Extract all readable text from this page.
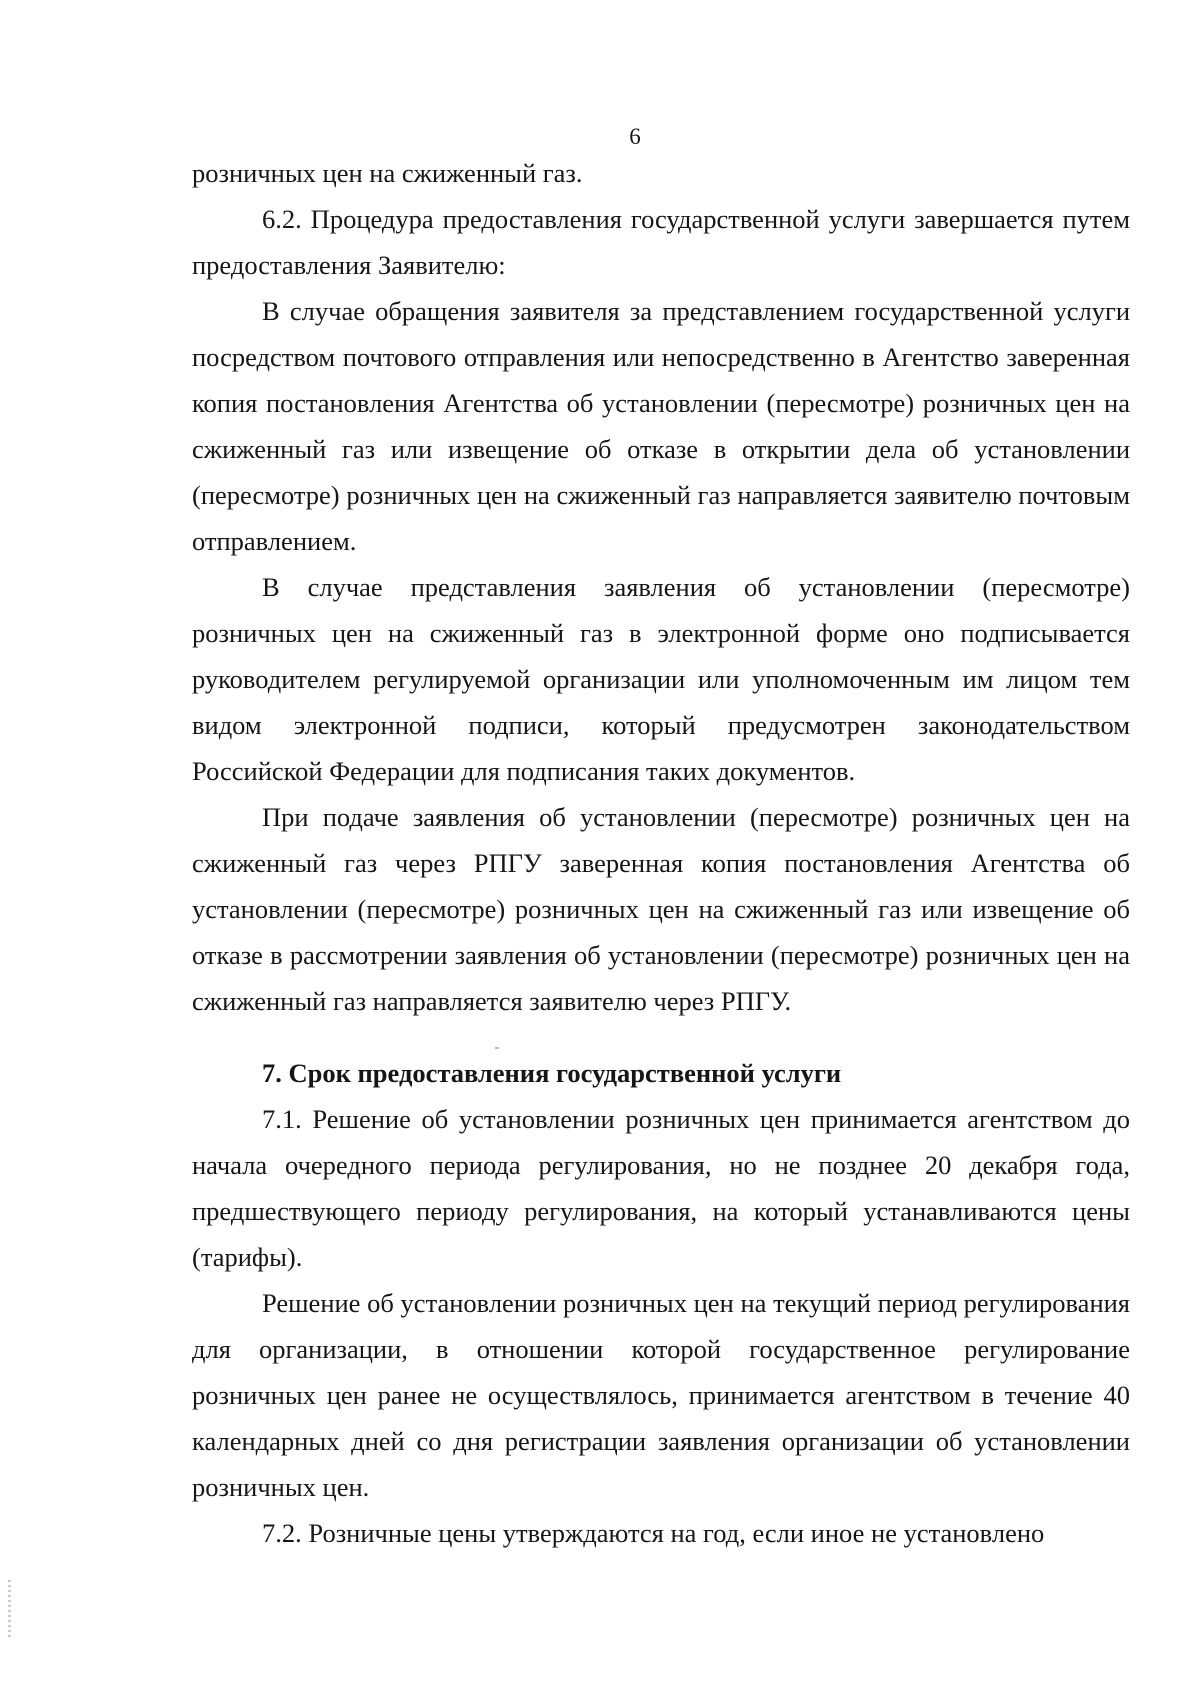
6

розничных цен на сжиженный газ.

6.2. Процедура предоставления государственной услуги завершается путем предоставления Заявителю:

В случае обращения заявителя за представлением государственной услуги посредством почтового отправления или непосредственно в Агентство заверенная копия постановления Агентства об установлении (пересмотре) розничных цен на сжиженный газ или извещение об отказе в открытии дела об установлении (пересмотре) розничных цен на сжиженный газ направляется заявителю почтовым отправлением.

В случае представления заявления об установлении (пересмотре) розничных цен на сжиженный газ в электронной форме оно подписывается руководителем регулируемой организации или уполномоченным им лицом тем видом электронной подписи, который предусмотрен законодательством Российской Федерации для подписания таких документов.

При подаче заявления об установлении (пересмотре) розничных цен на сжиженный газ через РПГУ заверенная копия постановления Агентства об установлении (пересмотре) розничных цен на сжиженный газ или извещение об отказе в рассмотрении заявления об установлении (пересмотре) розничных цен на сжиженный газ направляется заявителю через РПГУ.

7. Срок предоставления государственной услуги

7.1. Решение об установлении розничных цен принимается агентством до начала очередного периода регулирования, но не позднее 20 декабря года, предшествующего периоду регулирования, на который устанавливаются цены (тарифы).

Решение об установлении розничных цен на текущий период регулирования для организации, в отношении которой государственное регулирование розничных цен ранее не осуществлялось, принимается агентством в течение 40 календарных дней со дня регистрации заявления организации об установлении розничных цен.

7.2. Розничные цены утверждаются на год, если иное не установлено
